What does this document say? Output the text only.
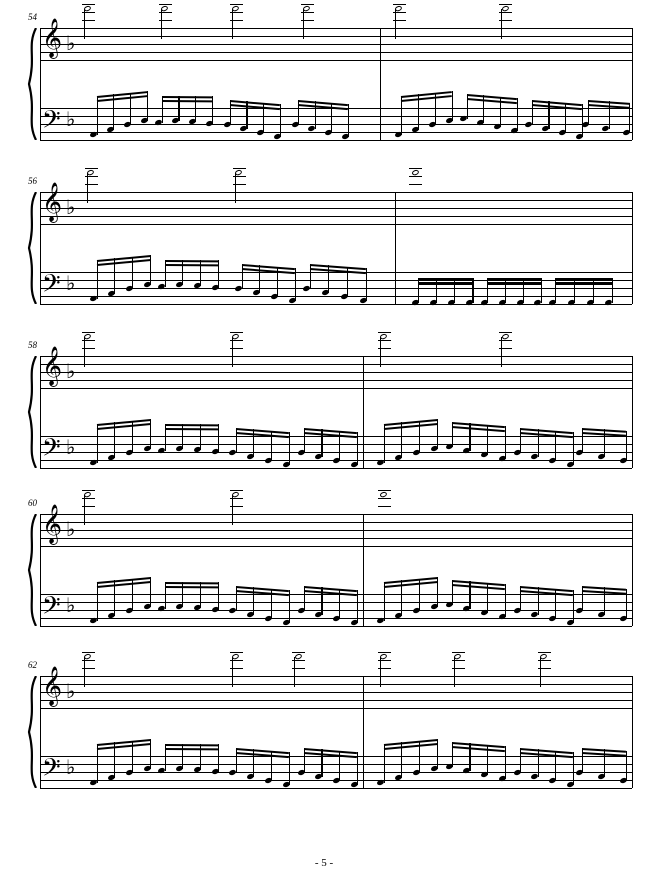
54
𝄞 ♭
𝄢 ♭
56
𝄞 ♭
𝄢 ♭
58
𝄞 ♭
𝄢 ♭
60
𝄞 ♭
𝄢 ♭
62
𝄞 ♭
𝄢 ♭
- 5 -
